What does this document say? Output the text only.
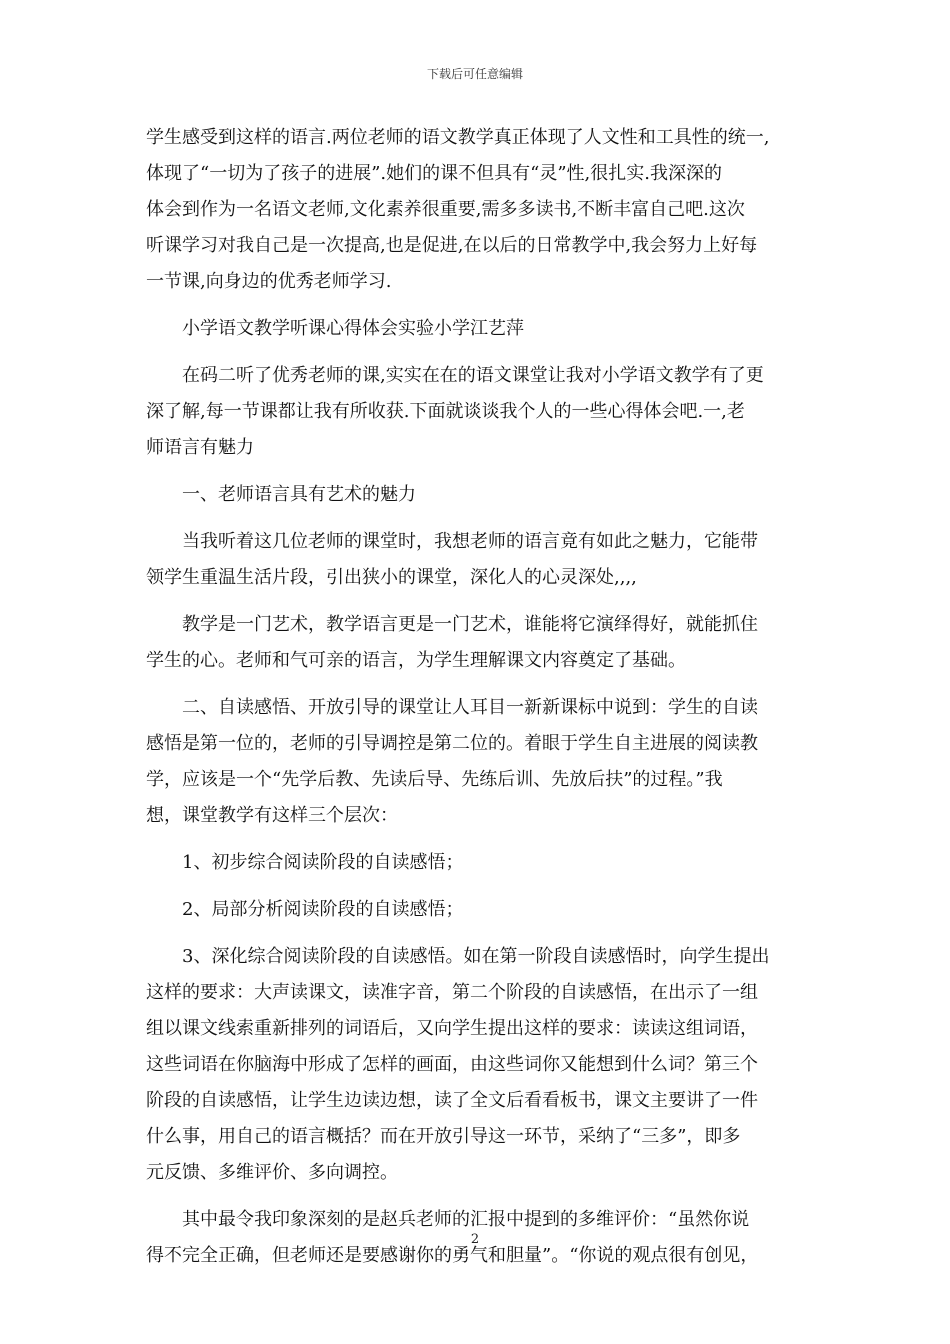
下载后可任意编辑
学生感受到这样的语言.两位老师的语文教学真正体现了人文性和工具性的统一,
体现了“一切为了孩子的进展”.她们的课不但具有“灵”性,很扎实.我深深的
体会到作为一名语文老师,文化素养很重要,需多多读书,不断丰富自己吧.这次
听课学习对我自己是一次提高,也是促进,在以后的日常教学中,我会努力上好每
一节课,向身边的优秀老师学习.
　　小学语文教学听课心得体会实验小学江艺萍
　　在码二听了优秀老师的课,实实在在的语文课堂让我对小学语文教学有了更
深了解,每一节课都让我有所收获.下面就谈谈我个人的一些心得体会吧.一,老
师语言有魅力
　　一、老师语言具有艺术的魅力
　　当我听着这几位老师的课堂时，我想老师的语言竟有如此之魅力，它能带
领学生重温生活片段，引出狭小的课堂，深化人的心灵深处,,,,
　　教学是一门艺术，教学语言更是一门艺术，谁能将它演绎得好，就能抓住
学生的心。老师和气可亲的语言，为学生理解课文内容奠定了基础。
　　二、自读感悟、开放引导的课堂让人耳目一新新课标中说到：学生的自读
感悟是第一位的，老师的引导调控是第二位的。着眼于学生自主进展的阅读教
学，应该是一个“先学后教、先读后导、先练后训、先放后扶”的过程。”我
想，课堂教学有这样三个层次：
　　1、初步综合阅读阶段的自读感悟；
　　2、局部分析阅读阶段的自读感悟；
　　3、深化综合阅读阶段的自读感悟。如在第一阶段自读感悟时，向学生提出
这样的要求：大声读课文，读准字音，第二个阶段的自读感悟，在出示了一组
组以课文线索重新排列的词语后，又向学生提出这样的要求：读读这组词语，
这些词语在你脑海中形成了怎样的画面，由这些词你又能想到什么词？第三个
阶段的自读感悟，让学生边读边想，读了全文后看看板书，课文主要讲了一件
什么事，用自己的语言概括？而在开放引导这一环节，采纳了“三多”，即多
元反馈、多维评价、多向调控。
　　其中最令我印象深刻的是赵兵老师的汇报中提到的多维评价：“虽然你说
得不完全正确，但老师还是要感谢你的勇气和胆量”。“你说的观点很有创见，
2
